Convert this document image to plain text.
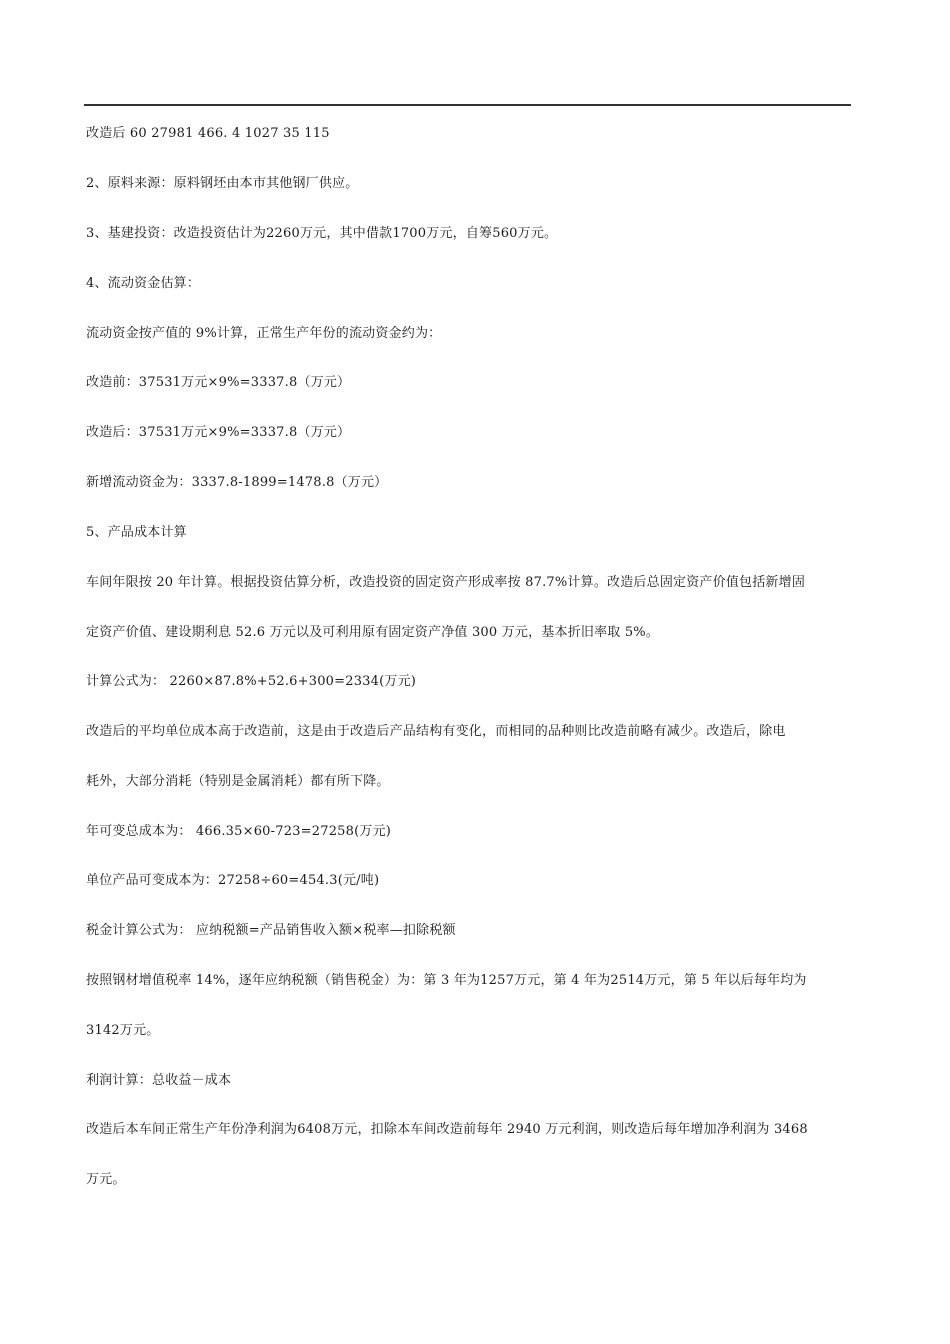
改造后 60 27981 466. 4 1027 35 115
2、原料来源：原料钢坯由本市其他钢厂供应。
3、基建投资：改造投资估计为2260万元，其中借款1700万元，自筹560万元。
4、流动资金估算：
流动资金按产值的 9%计算，正常生产年份的流动资金约为：
改造前：37531万元×9%=3337.8（万元）
改造后：37531万元×9%=3337.8（万元）
新增流动资金为：3337.8-1899=1478.8（万元）
5、产品成本计算
车间年限按 20 年计算。根据投资估算分析，改造投资的固定资产形成率按 87.7%计算。改造后总固定资产价值包括新增固
定资产价值、建设期利息 52.6 万元以及可利用原有固定资产净值 300 万元，基本折旧率取 5%。
计算公式为： 2260×87.8%+52.6+300=2334(万元)
改造后的平均单位成本高于改造前，这是由于改造后产品结构有变化，而相同的品种则比改造前略有减少。改造后，除电
耗外，大部分消耗（特别是金属消耗）都有所下降。
年可变总成本为： 466.35×60-723=27258(万元)
单位产品可变成本为：27258÷60=454.3(元/吨)
税金计算公式为： 应纳税额=产品销售收入额×税率—扣除税额
按照钢材增值税率 14%，逐年应纳税额（销售税金）为：第 3 年为1257万元，第 4 年为2514万元，第 5 年以后每年均为
3142万元。
利润计算：总收益－成本
改造后本车间正常生产年份净利润为6408万元，扣除本车间改造前每年 2940 万元利润，则改造后每年增加净利润为 3468
万元。
